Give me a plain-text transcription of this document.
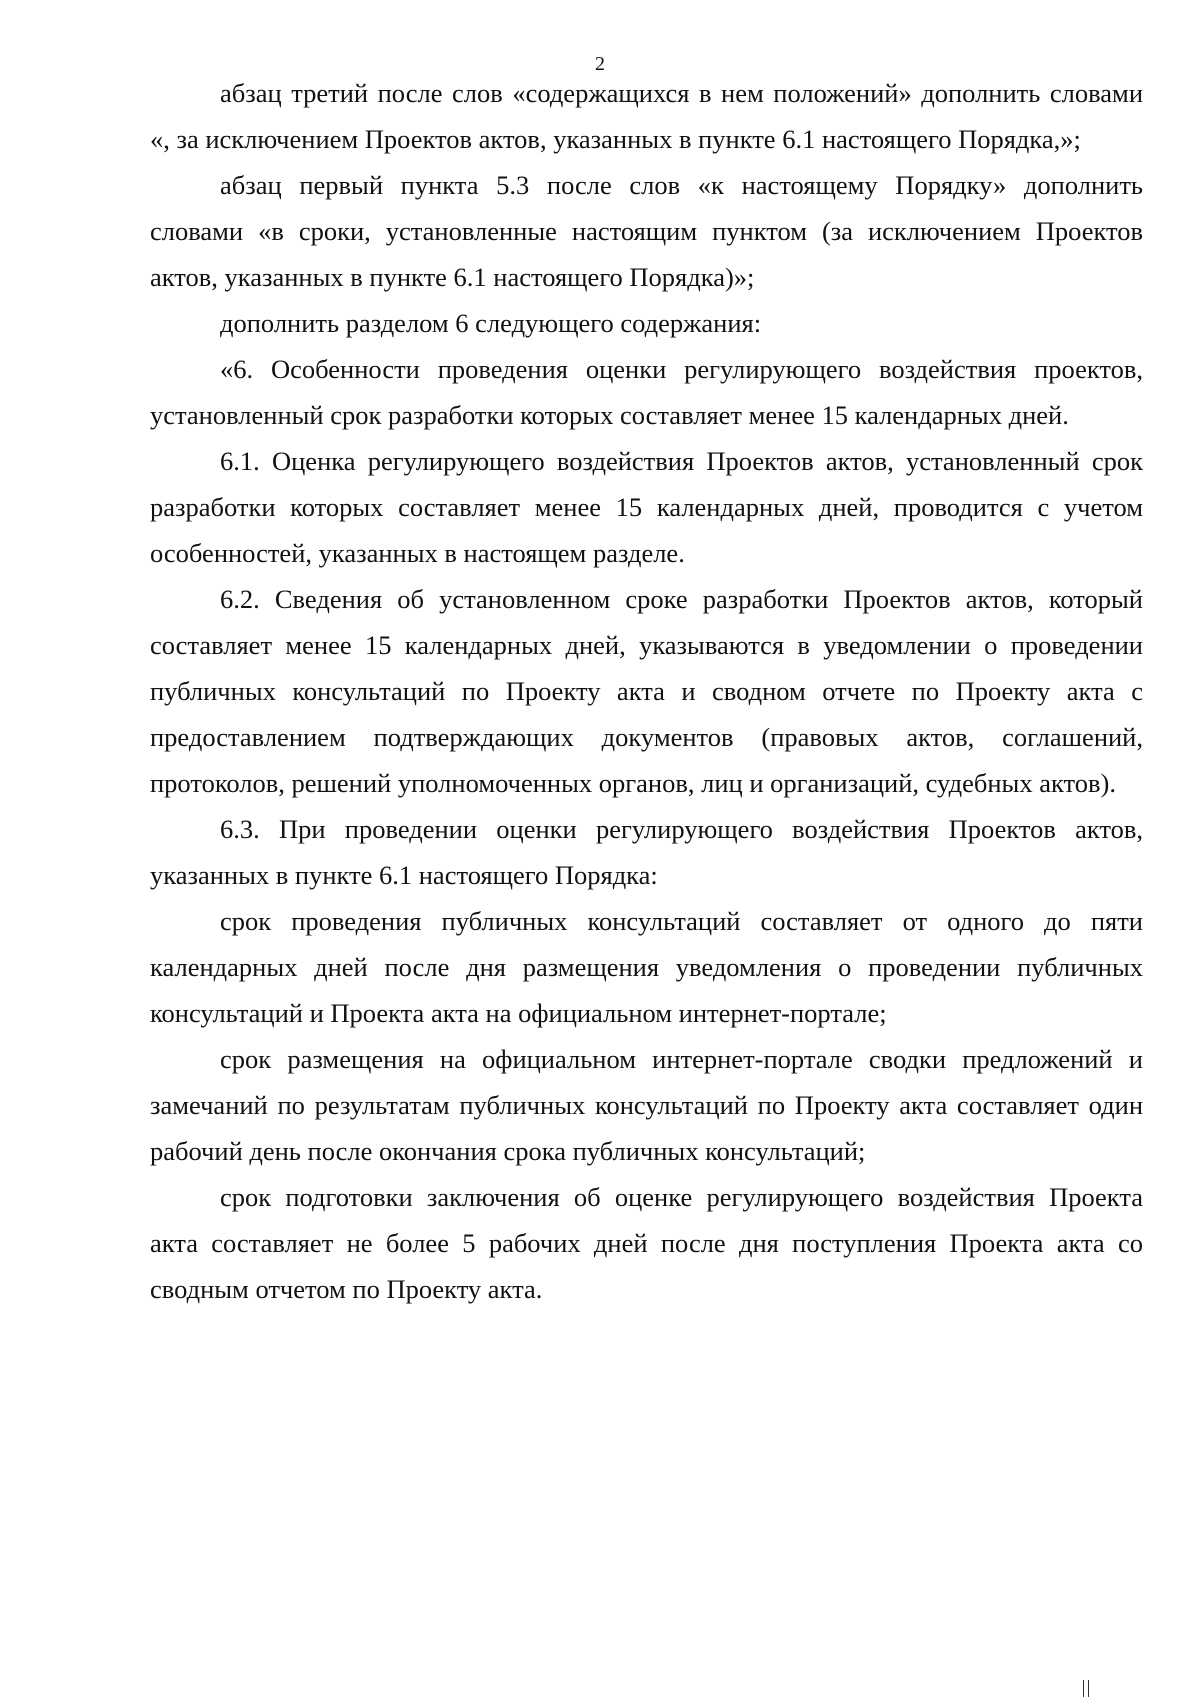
2

абзац третий после слов «содержащихся в нем положений» дополнить словами «, за исключением Проектов актов, указанных в пункте 6.1 настоящего Порядка,»;

абзац первый пункта 5.3 после слов «к настоящему Порядку» дополнить словами «в сроки, установленные настоящим пунктом (за исключением Проектов актов, указанных в пункте 6.1 настоящего Порядка)»;

дополнить разделом 6 следующего содержания:

«6. Особенности проведения оценки регулирующего воздействия проектов, установленный срок разработки которых составляет менее 15 календарных дней.

6.1. Оценка регулирующего воздействия Проектов актов, установленный срок разработки которых составляет менее 15 календарных дней, проводится с учетом особенностей, указанных в настоящем разделе.

6.2. Сведения об установленном сроке разработки Проектов актов, который составляет менее 15 календарных дней, указываются в уведомлении о проведении публичных консультаций по Проекту акта и сводном отчете по Проекту акта с предоставлением подтверждающих документов (правовых актов, соглашений, протоколов, решений уполномоченных органов, лиц и организаций, судебных актов).

6.3. При проведении оценки регулирующего воздействия Проектов актов, указанных в пункте 6.1 настоящего Порядка:

срок проведения публичных консультаций составляет от одного до пяти календарных дней после дня размещения уведомления о проведении публичных консультаций и Проекта акта на официальном интернет-портале;

срок размещения на официальном интернет-портале сводки предложений и замечаний по результатам публичных консультаций по Проекту акта составляет один рабочий день после окончания срока публичных консультаций;

срок подготовки заключения об оценке регулирующего воздействия Проекта акта составляет не более 5 рабочих дней после дня поступления Проекта акта со сводным отчетом по Проекту акта.
